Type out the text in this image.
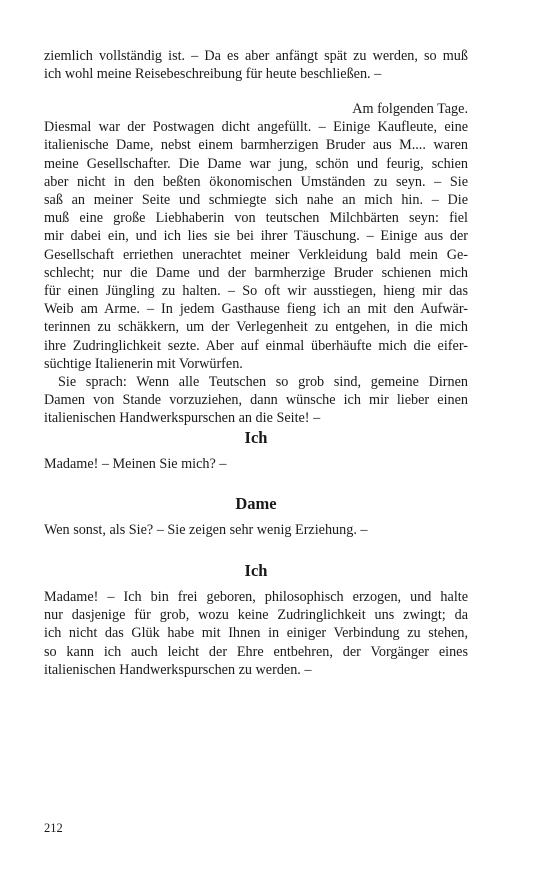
ziemlich vollständig ist. – Da es aber anfängt spät zu werden, so muß
ich wohl meine Reisebeschreibung für heute beschließen. –
Am folgenden Tage.
Diesmal war der Postwagen dicht angefüllt. – Einige Kaufleute, eine
italienische Dame, nebst einem barmherzigen Bruder aus M.... waren
meine Gesellschafter. Die Dame war jung, schön und feurig, schien
aber nicht in den beßten ökonomischen Umständen zu seyn. – Sie
saß an meiner Seite und schmiegte sich nahe an mich hin. – Die
muß eine große Liebhaberin von teutschen Milchbärten seyn: fiel
mir dabei ein, und ich lies sie bei ihrer Täuschung. – Einige aus der
Gesellschaft erriethen unerachtet meiner Verkleidung bald mein Ge-
schlecht; nur die Dame und der barmherzige Bruder schienen mich
für einen Jüngling zu halten. – So oft wir ausstiegen, hieng mir das
Weib am Arme. – In jedem Gasthause fieng ich an mit den Aufwär-
terinnen zu schäkkern, um der Verlegenheit zu entgehen, in die mich
ihre Zudringlichkeit sezte. Aber auf einmal überhäufte mich die eifer-
süchtige Italienerin mit Vorwürfen.
Sie sprach: Wenn alle Teutschen so grob sind, gemeine Dirnen
Damen von Stande vorzuziehen, dann wünsche ich mir lieber einen
italienischen Handwerkspurschen an die Seite! –
Ich
Madame! – Meinen Sie mich? –
Dame
Wen sonst, als Sie? – Sie zeigen sehr wenig Erziehung. –
Ich
Madame! – Ich bin frei geboren, philosophisch erzogen, und halte
nur dasjenige für grob, wozu keine Zudringlichkeit uns zwingt; da
ich nicht das Glük habe mit Ihnen in einiger Verbindung zu stehen,
so kann ich auch leicht der Ehre entbehren, der Vorgänger eines
italienischen Handwerkspurschen zu werden. –
212
